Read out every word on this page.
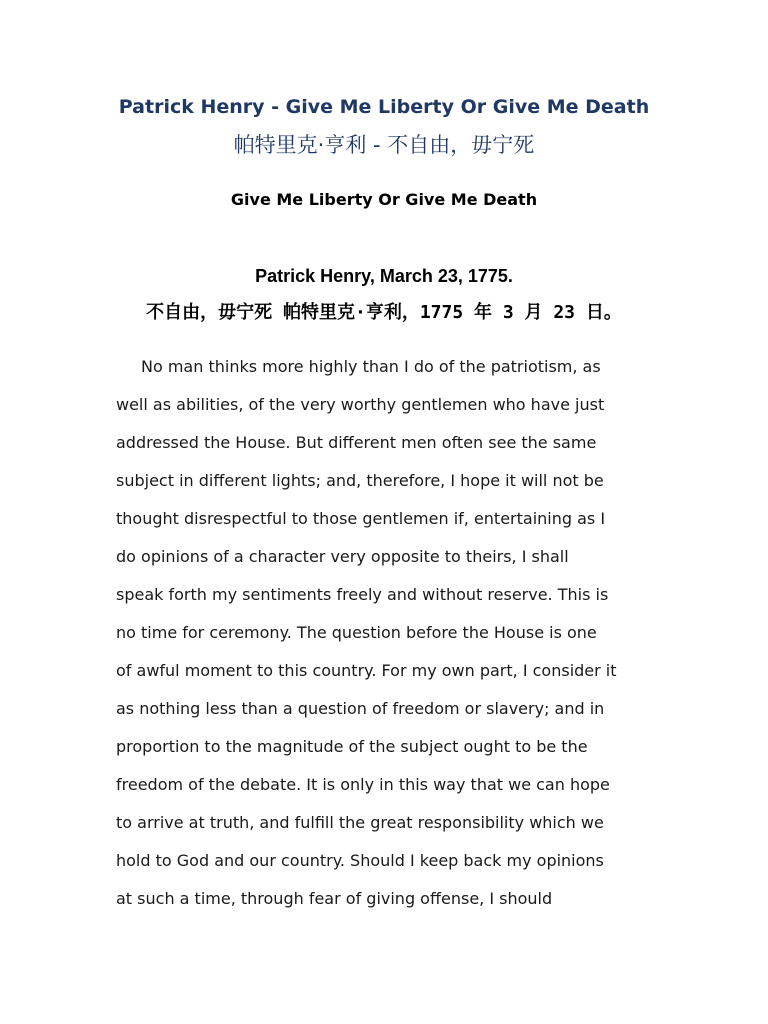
Patrick Henry - Give Me Liberty Or Give Me Death
帕特里克·亨利 - 不自由，毋宁死
Give Me Liberty Or Give Me Death
Patrick Henry, March 23, 1775.
不自由，毋宁死 帕特里克·亨利，1775 年 3 月 23 日。
No man thinks more highly than I do of the patriotism, as
well as abilities, of the very worthy gentlemen who have just
addressed the House. But different men often see the same
subject in different lights; and, therefore, I hope it will not be
thought disrespectful to those gentlemen if, entertaining as I
do opinions of a character very opposite to theirs, I shall
speak forth my sentiments freely and without reserve. This is
no time for ceremony. The question before the House is one
of awful moment to this country. For my own part, I consider it
as nothing less than a question of freedom or slavery; and in
proportion to the magnitude of the subject ought to be the
freedom of the debate. It is only in this way that we can hope
to arrive at truth, and fulfill the great responsibility which we
hold to God and our country. Should I keep back my opinions
at such a time, through fear of giving offense, I should
